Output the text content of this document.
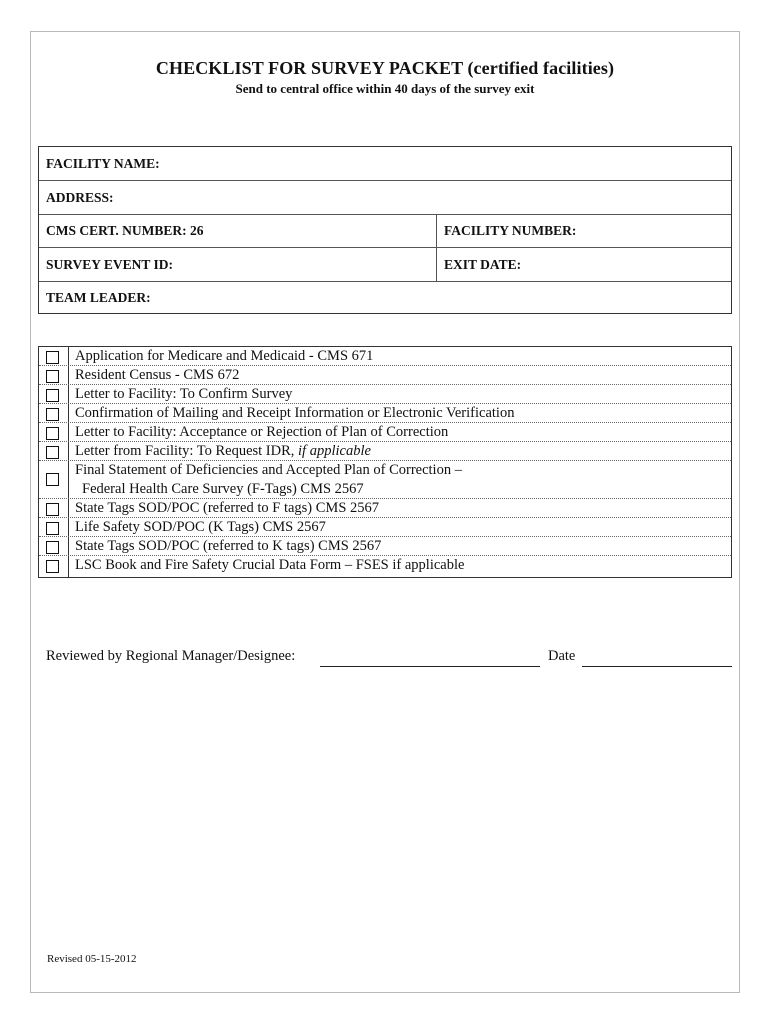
CHECKLIST FOR SURVEY PACKET (certified facilities)
Send to central office within 40 days of the survey exit
FACILITY NAME:
ADDRESS:
CMS CERT. NUMBER: 26	FACILITY NUMBER:
SURVEY EVENT ID:	EXIT DATE:
TEAM LEADER:
Application for Medicare and Medicaid - CMS 671
Resident Census - CMS 672
Letter to Facility: To Confirm Survey
Confirmation of Mailing and Receipt Information or Electronic Verification
Letter to Facility: Acceptance or Rejection of Plan of Correction
Letter from Facility: To Request IDR, if applicable
Final Statement of Deficiencies and Accepted Plan of Correction –
Federal Health Care Survey (F-Tags) CMS 2567
State Tags SOD/POC (referred to F tags) CMS 2567
Life Safety SOD/POC (K Tags) CMS 2567
State Tags SOD/POC (referred to K tags) CMS 2567
LSC Book and Fire Safety Crucial Data Form – FSES if applicable
Reviewed by Regional Manager/Designee:	Date
Revised 05-15-2012
